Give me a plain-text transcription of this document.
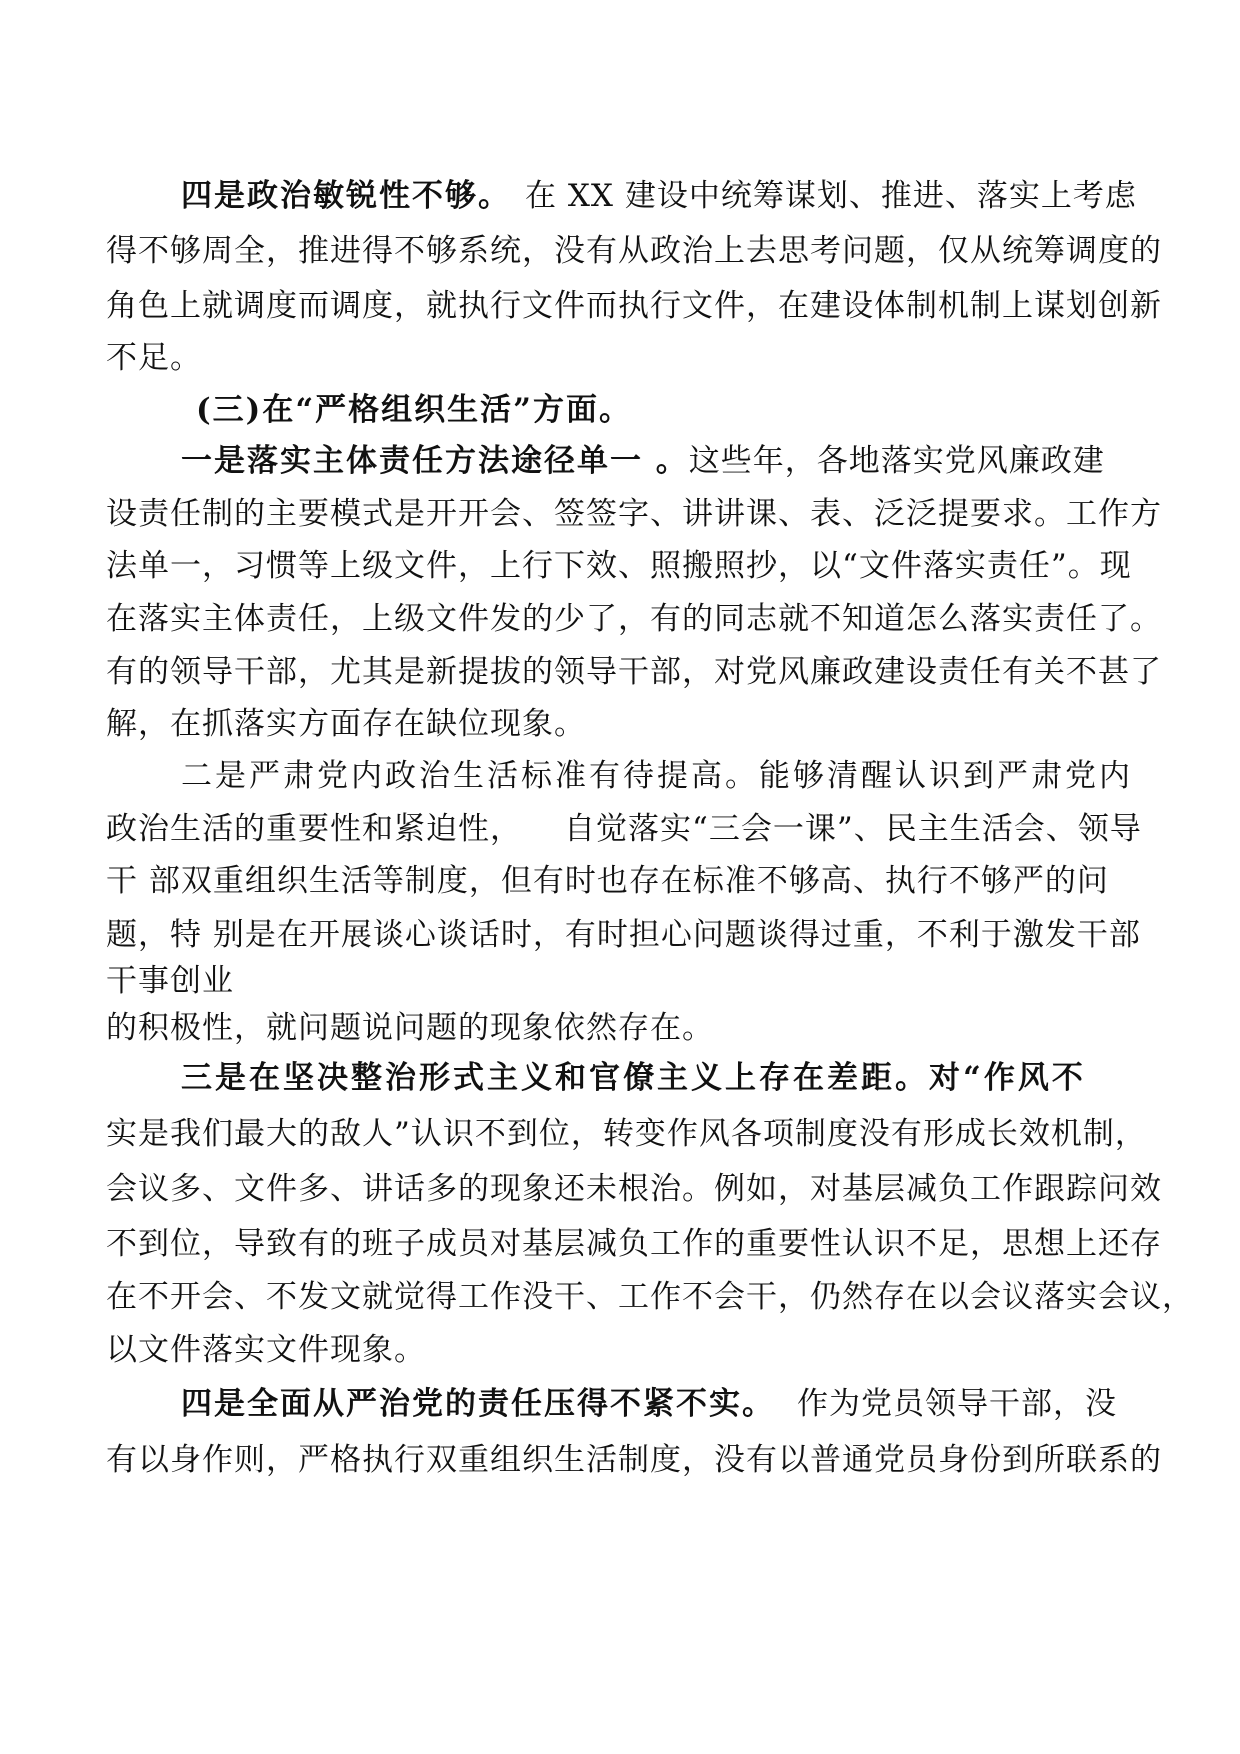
四是政治敏锐性不够。 在 XX 建设中统筹谋划、推进、落实上考虑
得不够周全，推进得不够系统，没有从政治上去思考问题，仅从统筹调度的
角色上就调度而调度，就执行文件而执行文件，在建设体制机制上谋划创新
不足。
(三)在“严格组织生活”方面。
一是落实主体责任方法途径单一 。这些年，各地落实党风廉政建
设责任制的主要模式是开开会、签签字、讲讲课、表、泛泛提要求。工作方
法单一，习惯等上级文件，上行下效、照搬照抄，以“文件落实责任”。现
在落实主体责任，上级文件发的少了，有的同志就不知道怎么落实责任了。
有的领导干部，尤其是新提拔的领导干部，对党风廉政建设责任有关不甚了
解，在抓落实方面存在缺位现象。
二是严肃党内政治生活标准有待提高。能够清醒认识到严肃党内
政治生活的重要性和紧迫性， 自觉落实“三会一课”、民主生活会、领导
干 部双重组织生活等制度，但有时也存在标准不够高、执行不够严的问
题，特 别是在开展谈心谈话时，有时担心问题谈得过重，不利于激发干部
干事创业
的积极性，就问题说问题的现象依然存在。
三是在坚决整治形式主义和官僚主义上存在差距。对“作风不
实是我们最大的敌人”认识不到位，转变作风各项制度没有形成长效机制，
会议多、文件多、讲话多的现象还未根治。例如，对基层减负工作跟踪问效
不到位，导致有的班子成员对基层减负工作的重要性认识不足，思想上还存
在不开会、不发文就觉得工作没干、工作不会干，仍然存在以会议落实会议，
以文件落实文件现象。
四是全面从严治党的责任压得不紧不实。 作为党员领导干部，没
有以身作则，严格执行双重组织生活制度，没有以普通党员身份到所联系的
